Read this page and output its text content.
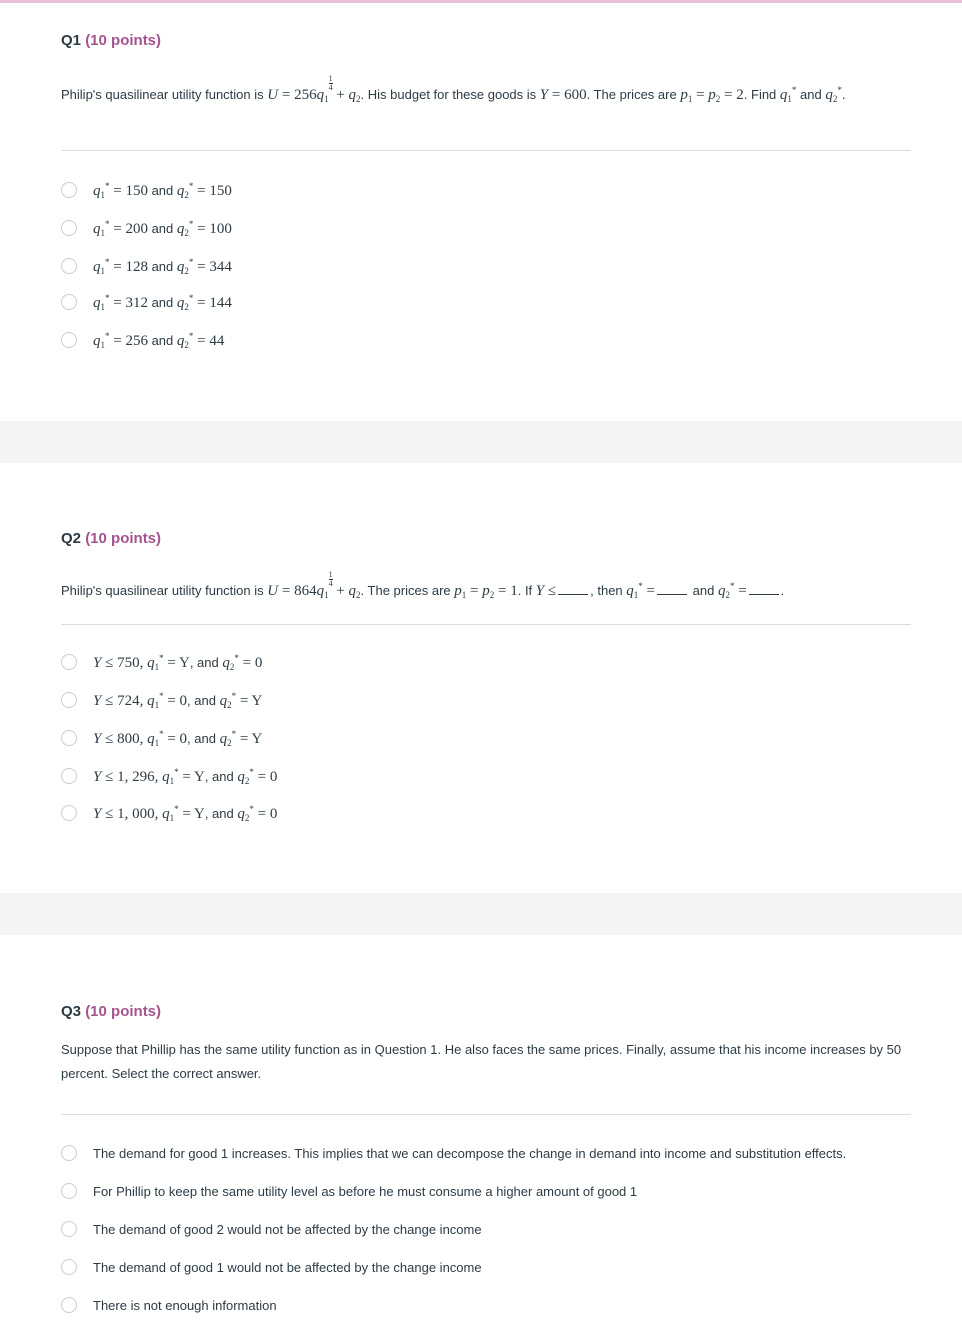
Q1 (10 points)
Philip's quasilinear utility function is $U = 256q_1$
$\frac{1}{4}$
+ $q_2$. His budget for these goods is Y = 600. The prices are $p_1 = p_2 = 2$. Find $q_1^*$ and $q_2^*$.
$q_1^* = 150$ and $q_2^* = 150$
$q_1^* = 200$ and $q_2^* = 100$
$q_1^* = 128$ and $q_2^* = 344$
$q_1^* = 312$ and $q_2^* = 144$
$q_1^* = 256$ and $q_2^* = 44$
Q2 (10 points)
Philip's quasilinear utility function is $U = 864q_1$
$\frac{1}{4}$
+ $q_2$. The prices are $p_1 = p_2 = 1$. If Y ≤	, then $q_1^*$ =	and $q_2^*$ =	.
Y ≤ 750, $q_1^* = Y$, and $q_2^* = 0$
Y ≤ 724, $q_1^* = 0$, and $q_2^* = Y$
Y ≤ 800, $q_1^* = 0$, and $q_2^* = Y$
Y ≤ 1, 296, $q_1^* = Y$, and $q_2^* = 0$
Y ≤ 1, 000, $q_1^* = Y$, and $q_2^* = 0$
Q3 (10 points)
Suppose that Phillip has the same utility function as in Question 1. He also faces the same prices. Finally, assume that his income increases by 50 percent. Select the correct answer.
The demand for good 1 increases. This implies that we can decompose the change in demand into income and substitution effects.
For Phillip to keep the same utility level as before he must consume a higher amount of good 1
The demand of good 2 would not be affected by the change income
The demand of good 1 would not be affected by the change income
There is not enough information
